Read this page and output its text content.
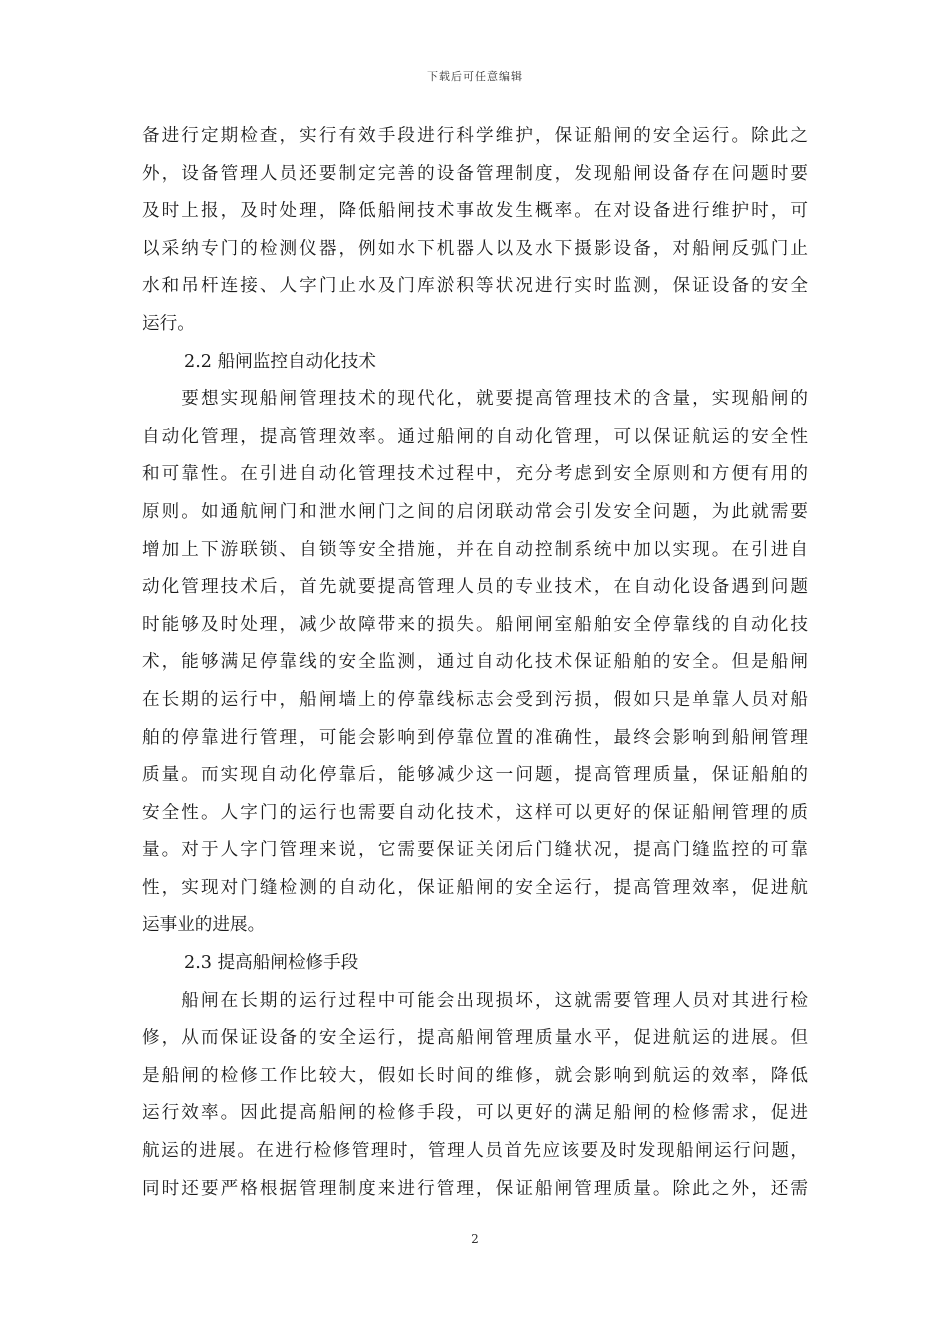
下载后可任意编辑
备进行定期检查，实行有效手段进行科学维护，保证船闸的安全运行。除此之
外，设备管理人员还要制定完善的设备管理制度，发现船闸设备存在问题时要
及时上报，及时处理，降低船闸技术事故发生概率。在对设备进行维护时，可
以采纳专门的检测仪器，例如水下机器人以及水下摄影设备，对船闸反弧门止
水和吊杆连接、人字门止水及门库淤积等状况进行实时监测，保证设备的安全
运行。
2.2 船闸监控自动化技术
　　要想实现船闸管理技术的现代化，就要提高管理技术的含量，实现船闸的
自动化管理，提高管理效率。通过船闸的自动化管理，可以保证航运的安全性
和可靠性。在引进自动化管理技术过程中，充分考虑到安全原则和方便有用的
原则。如通航闸门和泄水闸门之间的启闭联动常会引发安全问题，为此就需要
增加上下游联锁、自锁等安全措施，并在自动控制系统中加以实现。在引进自
动化管理技术后，首先就要提高管理人员的专业技术，在自动化设备遇到问题
时能够及时处理，减少故障带来的损失。船闸闸室船舶安全停靠线的自动化技
术，能够满足停靠线的安全监测，通过自动化技术保证船舶的安全。但是船闸
在长期的运行中，船闸墙上的停靠线标志会受到污损，假如只是单靠人员对船
舶的停靠进行管理，可能会影响到停靠位置的准确性，最终会影响到船闸管理
质量。而实现自动化停靠后，能够减少这一问题，提高管理质量，保证船舶的
安全性。人字门的运行也需要自动化技术，这样可以更好的保证船闸管理的质
量。对于人字门管理来说，它需要保证关闭后门缝状况，提高门缝监控的可靠
性，实现对门缝检测的自动化，保证船闸的安全运行，提高管理效率，促进航
运事业的进展。
2.3 提高船闸检修手段
　　船闸在长期的运行过程中可能会出现损坏，这就需要管理人员对其进行检
修，从而保证设备的安全运行，提高船闸管理质量水平，促进航运的进展。但
是船闸的检修工作比较大，假如长时间的维修，就会影响到航运的效率，降低
运行效率。因此提高船闸的检修手段，可以更好的满足船闸的检修需求，促进
航运的进展。在进行检修管理时，管理人员首先应该要及时发现船闸运行问题，
同时还要严格根据管理制度来进行管理，保证船闸管理质量。除此之外，还需
2
